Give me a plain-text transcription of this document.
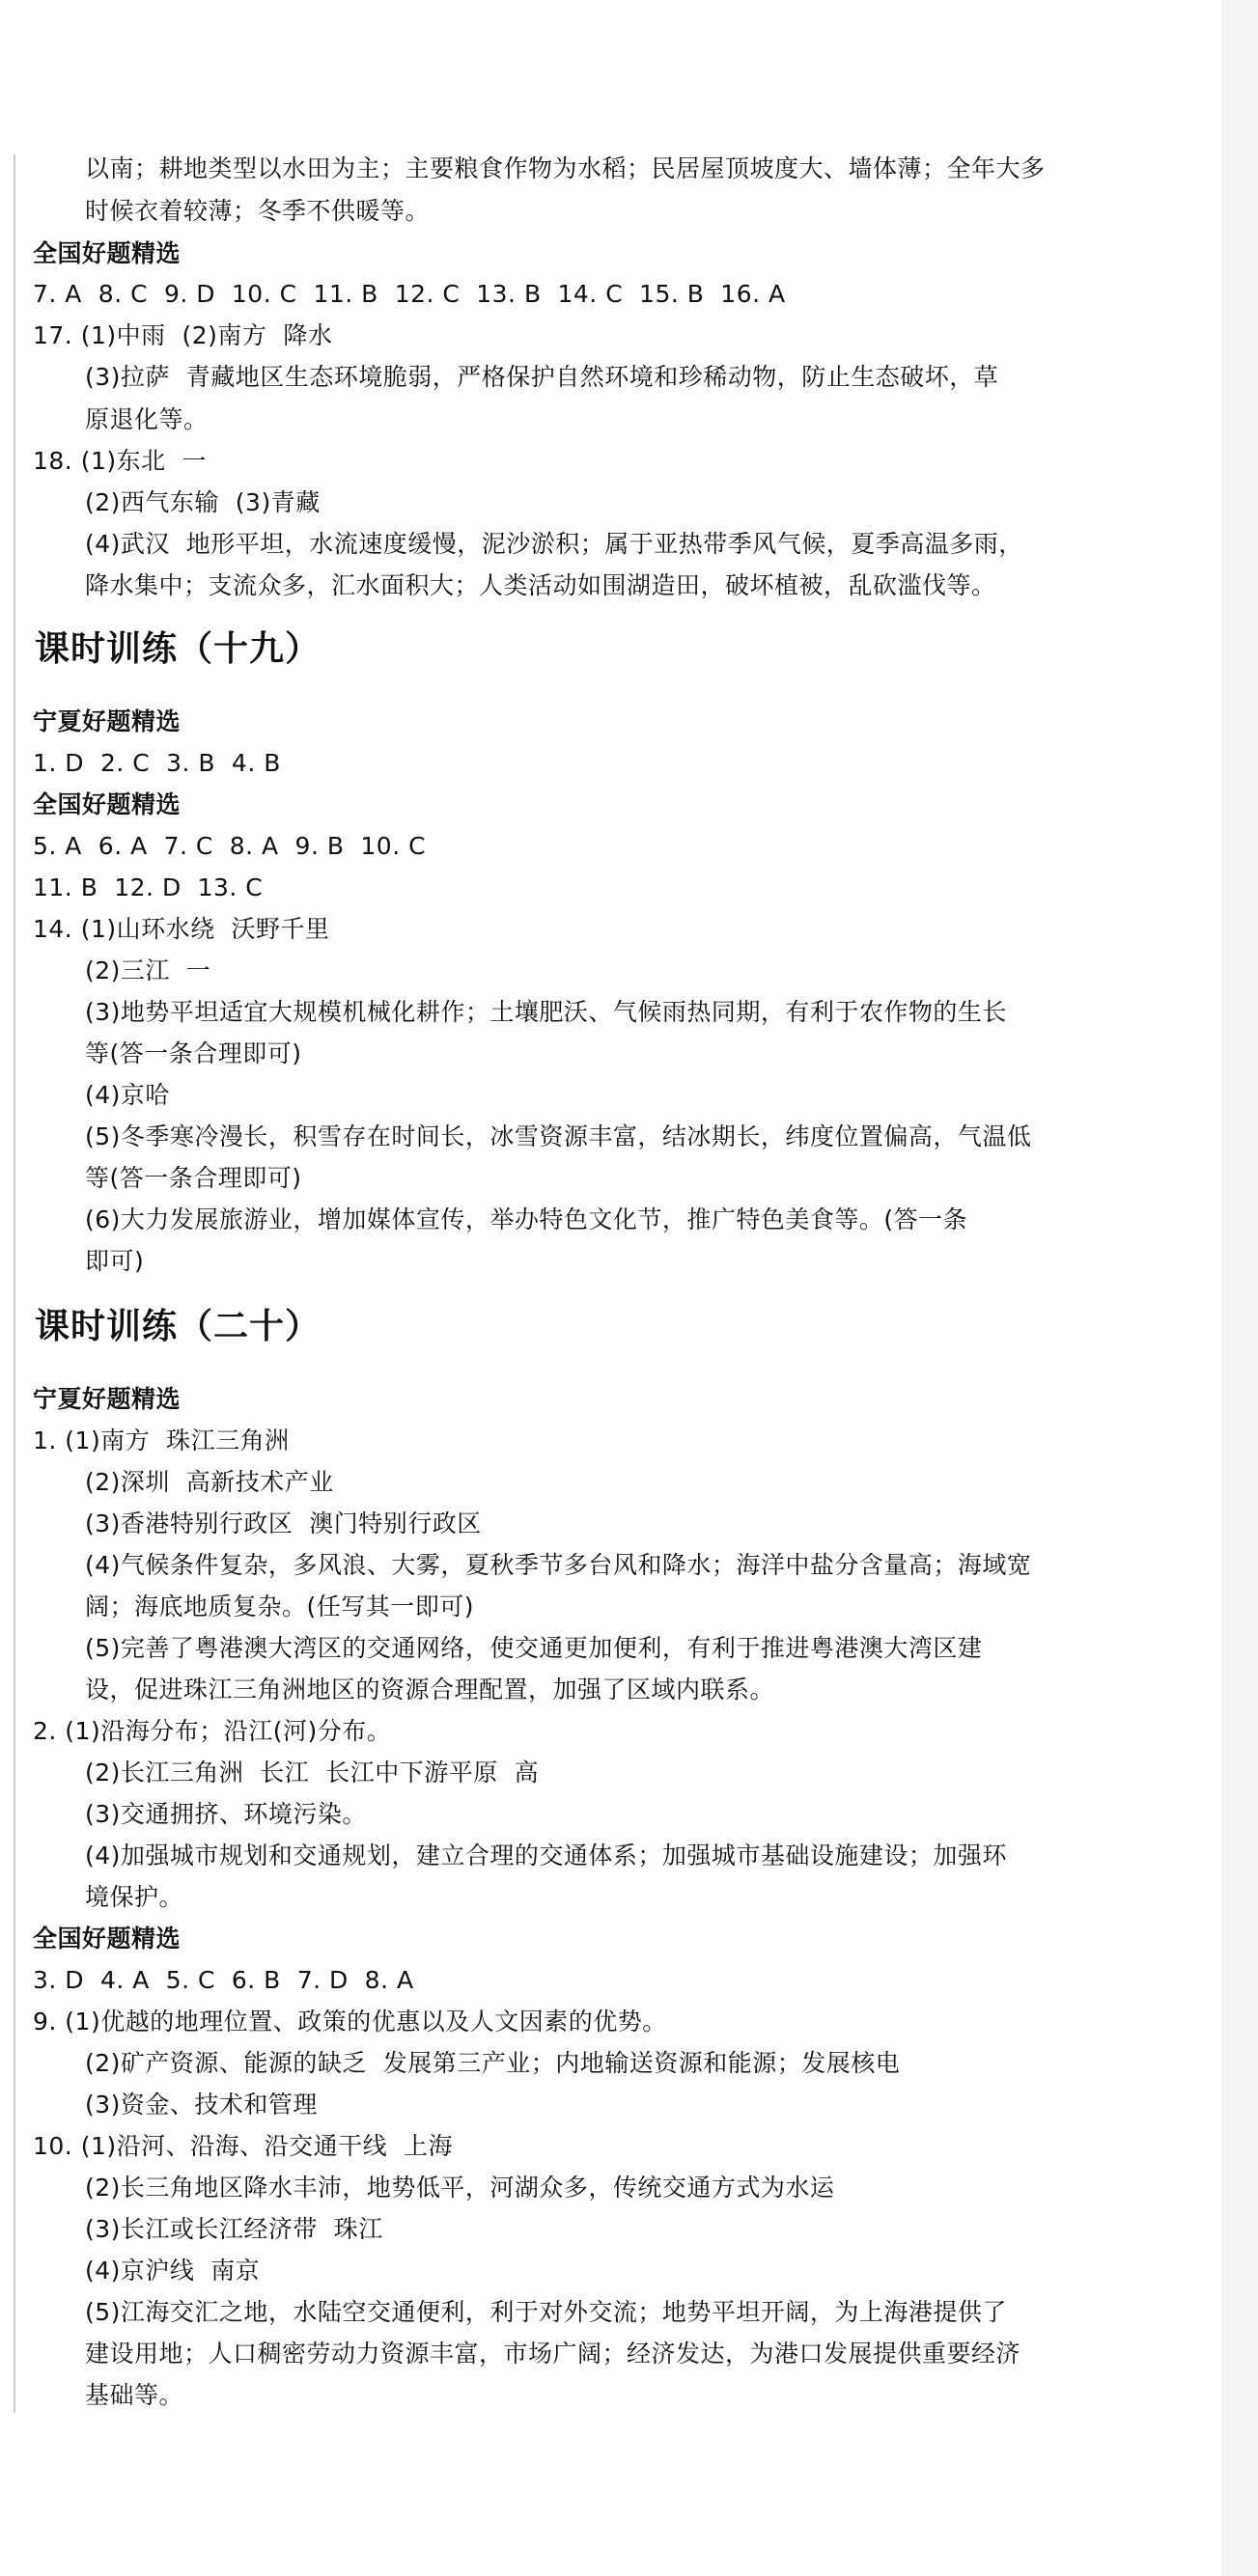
以南；耕地类型以水田为主；主要粮食作物为水稻；民居屋顶坡度大、墙体薄；全年大多
时候衣着较薄；冬季不供暖等。
全国好题精选
7. A  8. C  9. D  10. C  11. B  12. C  13. B  14. C  15. B  16. A
17. (1)中雨  (2)南方  降水
(3)拉萨  青藏地区生态环境脆弱，严格保护自然环境和珍稀动物，防止生态破坏，草
原退化等。
18. (1)东北  一
(2)西气东输  (3)青藏
(4)武汉  地形平坦，水流速度缓慢，泥沙淤积；属于亚热带季风气候，夏季高温多雨，
降水集中；支流众多，汇水面积大；人类活动如围湖造田，破坏植被，乱砍滥伐等。
课时训练（十九）
宁夏好题精选
1. D  2. C  3. B  4. B
全国好题精选
5. A  6. A  7. C  8. A  9. B  10. C
11. B  12. D  13. C
14. (1)山环水绕  沃野千里
(2)三江  一
(3)地势平坦适宜大规模机械化耕作；土壤肥沃、气候雨热同期，有利于农作物的生长
等(答一条合理即可)
(4)京哈
(5)冬季寒冷漫长，积雪存在时间长，冰雪资源丰富，结冰期长，纬度位置偏高，气温低
等(答一条合理即可)
(6)大力发展旅游业，增加媒体宣传，举办特色文化节，推广特色美食等。(答一条
即可)
课时训练（二十）
宁夏好题精选
1. (1)南方  珠江三角洲
(2)深圳  高新技术产业
(3)香港特别行政区  澳门特别行政区
(4)气候条件复杂，多风浪、大雾，夏秋季节多台风和降水；海洋中盐分含量高；海域宽
阔；海底地质复杂。(任写其一即可)
(5)完善了粤港澳大湾区的交通网络，使交通更加便利，有利于推进粤港澳大湾区建
设，促进珠江三角洲地区的资源合理配置，加强了区域内联系。
2. (1)沿海分布；沿江(河)分布。
(2)长江三角洲  长江  长江中下游平原  高
(3)交通拥挤、环境污染。
(4)加强城市规划和交通规划，建立合理的交通体系；加强城市基础设施建设；加强环
境保护。
全国好题精选
3. D  4. A  5. C  6. B  7. D  8. A
9. (1)优越的地理位置、政策的优惠以及人文因素的优势。
(2)矿产资源、能源的缺乏  发展第三产业；内地输送资源和能源；发展核电
(3)资金、技术和管理
10. (1)沿河、沿海、沿交通干线  上海
(2)长三角地区降水丰沛，地势低平，河湖众多，传统交通方式为水运
(3)长江或长江经济带  珠江
(4)京沪线  南京
(5)江海交汇之地，水陆空交通便利，利于对外交流；地势平坦开阔，为上海港提供了
建设用地；人口稠密劳动力资源丰富，市场广阔；经济发达，为港口发展提供重要经济
基础等。
